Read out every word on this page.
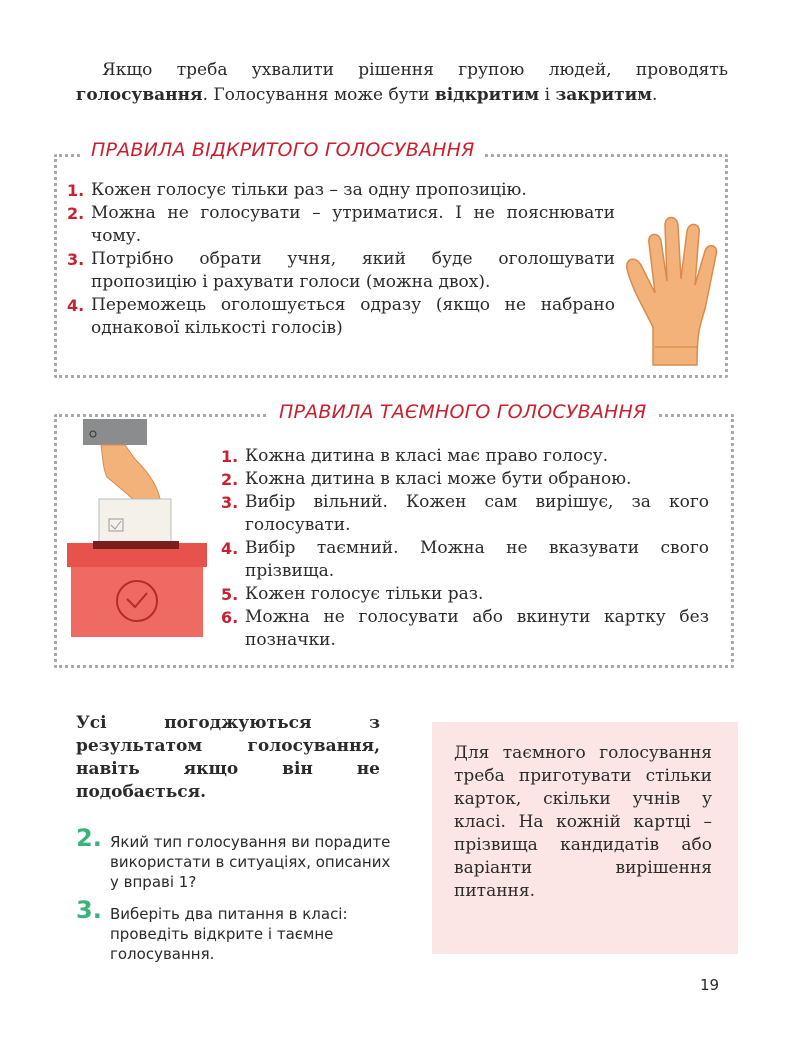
Якщо треба ухвалити рішення групою людей, проводять голосування. Голосування може бути відкритим і закритим.

ПРАВИЛА ВІДКРИТОГО ГОЛОСУВАННЯ
1. Кожен голосує тільки раз – за одну пропозицію.
2. Можна не голосувати – утриматися. І не пояснювати чому.
3. Потрібно обрати учня, який буде оголошувати пропозицію і рахувати голоси (можна двох).
4. Переможець оголошується одразу (якщо не набрано однакової кількості голосів)
ПРАВИЛА ТАЄМНОГО ГОЛОСУВАННЯ
1. Кожна дитина в класі має право голосу.
2. Кожна дитина в класі може бути обраною.
3. Вибір вільний. Кожен сам вирішує, за кого голосувати.
4. Вибір таємний. Можна не вказувати свого прізвища.
5. Кожен голосує тільки раз.
6. Можна не голосувати або вкинути картку без позначки.

Усі погоджуються з результатом голосування, навіть якщо він не подобається.

2. Який тип голосування ви порадите використати в ситуаціях, описаних у вправі 1?
3. Виберіть два питання в класі: проведіть відкрите і таємне голосування.

Для таємного голосування треба приготувати стільки карток, скільки учнів у класі. На кожній картці – прізвища кандидатів або варіанти вирішення питання.

19
